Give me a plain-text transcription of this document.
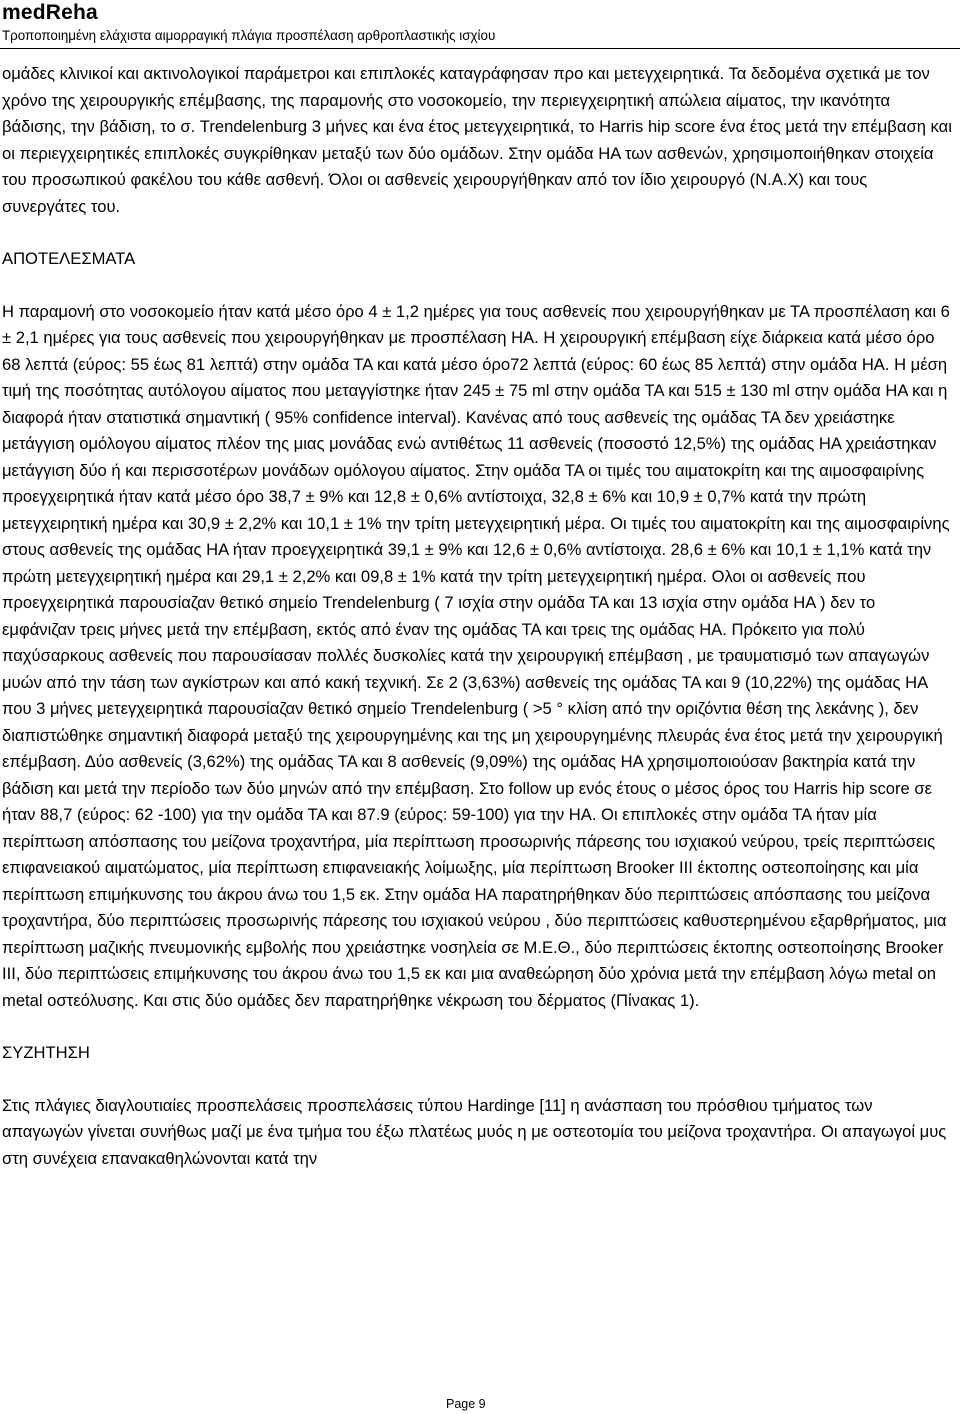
medReha
Τροποποιημένη ελάχιστα αιμορραγική πλάγια προσπέλαση αρθροπλαστικής ισχίου

ομάδες κλινικοί και ακτινολογικοί παράμετροι και επιπλοκές καταγράφησαν προ και μετεγχειρητικά. Τα δεδομένα σχετικά με τον χρόνο της χειρουργικής επέμβασης, της παραμονής στο νοσοκομείο, την περιεγχειρητική απώλεια αίματος, την ικανότητα βάδισης, την βάδιση, το σ. Trendelenburg 3 μήνες και ένα έτος μετεγχειρητικά, το Harris hip score ένα έτος μετά την επέμβαση και οι περιεγχειρητικές επιπλοκές συγκρίθηκαν μεταξύ των δύο ομάδων. Στην ομάδα ΗΑ των ασθενών, χρησιμοποιήθηκαν στοιχεία του προσωπικού φακέλου του κάθε ασθενή. Όλοι οι ασθενείς χειρουργήθηκαν από τον ίδιο χειρουργό (Ν.Α.Χ) και τους συνεργάτες του.

ΑΠΟΤΕΛΕΣΜΑΤΑ

Η παραμονή στο νοσοκομείο ήταν κατά μέσο όρο 4 ± 1,2 ημέρες για τους ασθενείς που χειρουργήθηκαν με ΤΑ προσπέλαση και 6 ± 2,1 ημέρες για τους ασθενείς που χειρουργήθηκαν με προσπέλαση ΗΑ. Η χειρουργική επέμβαση είχε διάρκεια κατά μέσο όρο 68 λεπτά (εύρος: 55 έως 81 λεπτά) στην ομάδα ΤΑ και κατά μέσο όρο72 λεπτά (εύρος: 60 έως 85 λεπτά) στην ομάδα ΗΑ. Η μέση τιμή της ποσότητας αυτόλογου αίματος που μεταγγίστηκε ήταν 245 ± 75 ml στην ομάδα ΤΑ και 515 ± 130 ml στην ομάδα ΗΑ και η διαφορά ήταν στατιστικά σημαντική ( 95% confidence interval). Κανένας από τους ασθενείς της ομάδας ΤΑ δεν χρειάστηκε μετάγγιση ομόλογου αίματος πλέον της μιας μονάδας ενώ αντιθέτως 11 ασθενείς (ποσοστό 12,5%) της ομάδας ΗΑ χρειάστηκαν μετάγγιση δύο ή και περισσοτέρων μονάδων ομόλογου αίματος. Στην ομάδα ΤΑ οι τιμές του αιματοκρίτη και της αιμοσφαιρίνης προεγχειρητικά ήταν κατά μέσο όρο 38,7 ± 9% και 12,8 ± 0,6% αντίστοιχα, 32,8 ± 6% και 10,9 ± 0,7% κατά την πρώτη μετεγχειρητική ημέρα και 30,9 ± 2,2% και 10,1 ± 1% την τρίτη μετεγχειρητική μέρα. Οι τιμές του αιματοκρίτη και της αιμοσφαιρίνης στους ασθενείς της ομάδας ΗΑ ήταν προεγχειρητικά 39,1 ± 9% και 12,6 ± 0,6% αντίστοιχα. 28,6 ± 6% και 10,1 ± 1,1% κατά την πρώτη μετεγχειρητική ημέρα και 29,1 ± 2,2% και 09,8 ± 1% κατά την τρίτη μετεγχειρητική ημέρα. Ολοι οι ασθενείς που προεγχειρητικά παρουσίαζαν θετικό σημείο Trendelenburg ( 7 ισχία στην ομάδα ΤΑ και 13 ισχία στην ομάδα ΗΑ ) δεν το εμφάνιζαν τρεις μήνες μετά την επέμβαση, εκτός από έναν της ομάδας ΤΑ και τρεις της ομάδας ΗΑ. Πρόκειτο για πολύ παχύσαρκους ασθενείς που παρουσίασαν πολλές δυσκολίες κατά την χειρουργική επέμβαση , με τραυματισμό των απαγωγών μυών από την τάση των αγκίστρων και από κακή τεχνική. Σε 2 (3,63%) ασθενείς της ομάδας ΤΑ και 9 (10,22%) της ομάδας ΗΑ που 3 μήνες μετεγχειρητικά παρουσίαζαν θετικό σημείο Trendelenburg ( >5 ° κλίση από την οριζόντια θέση της λεκάνης ), δεν διαπιστώθηκε σημαντική διαφορά μεταξύ της χειρουργημένης και της μη χειρουργημένης πλευράς ένα έτος μετά την χειρουργική επέμβαση. Δύο ασθενείς (3,62%) της ομάδας ΤΑ και 8 ασθενείς (9,09%) της ομάδας ΗΑ χρησιμοποιούσαν βακτηρία κατά την βάδιση και μετά την περίοδο των δύο μηνών από την επέμβαση. Στο follow up ενός έτους ο μέσος όρος του Harris hip score σε ήταν 88,7 (εύρος: 62 -100) για την ομάδα ΤΑ και 87.9 (εύρος: 59-100) για την ΗΑ. Οι επιπλοκές στην ομάδα ΤΑ ήταν μία περίπτωση απόσπασης του μείζονα τροχαντήρα, μία περίπτωση προσωρινής πάρεσης του ισχιακού νεύρου, τρείς περιπτώσεις επιφανειακού αιματώματος, μία περίπτωση επιφανειακής λοίμωξης, μία περίπτωση Brooker III έκτοπης οστεοποίησης και μία περίπτωση επιμήκυνσης του άκρου άνω του 1,5 εκ. Στην ομάδα ΗΑ παρατηρήθηκαν δύο περιπτώσεις απόσπασης του μείζονα τροχαντήρα, δύο περιπτώσεις προσωρινής πάρεσης του ισχιακού νεύρου , δύο περιπτώσεις καθυστερημένου εξαρθρήματος, μια περίπτωση μαζικής πνευμονικής εμβολής που χρειάστηκε νοσηλεία σε Μ.Ε.Θ., δύο περιπτώσεις έκτοπης οστεοποίησης Brooker III, δύο περιπτώσεις επιμήκυνσης του άκρου άνω του 1,5 εκ και μια αναθεώρηση δύο χρόνια μετά την επέμβαση λόγω metal on metal οστεόλυσης. Και στις δύο ομάδες δεν παρατηρήθηκε νέκρωση του δέρματος (Πίνακας 1).

ΣΥΖΗΤΗΣΗ

Στις πλάγιες διαγλουτιαίες προσπελάσεις προσπελάσεις τύπου Hardinge [11] η ανάσπαση του πρόσθιου τμήματος των απαγωγών γίνεται συνήθως μαζί με ένα τμήμα του έξω πλατέως μυός η με οστεοτομία του μείζονα τροχαντήρα. Οι απαγωγοί μυς στη συνέχεια επανακαθηλώνονται κατά την

Page 9
